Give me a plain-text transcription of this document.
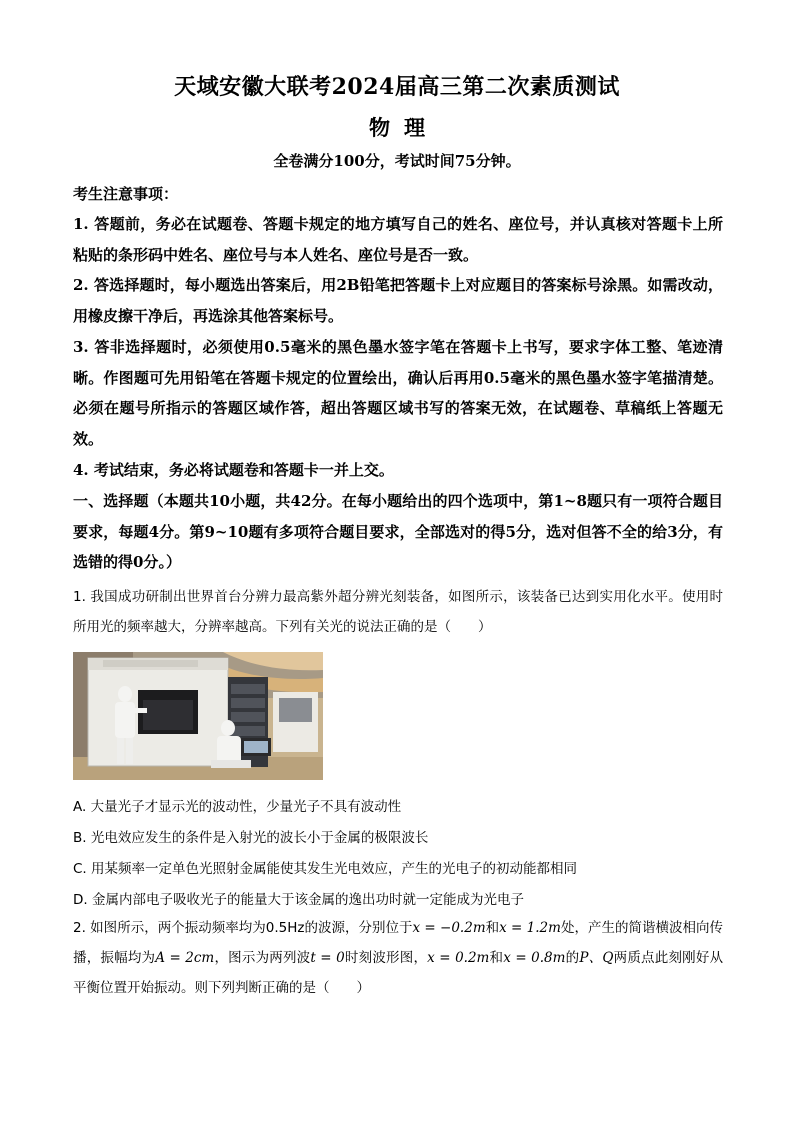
天域安徽大联考2024届高三第二次素质测试
物理
全卷满分100分，考试时间75分钟。
考生注意事项：

1. 答题前，务必在试题卷、答题卡规定的地方填写自己的姓名、座位号，并认真核对答题卡上所粘贴的条形码中姓名、座位号与本人姓名、座位号是否一致。

2. 答选择题时，每小题选出答案后，用2B铅笔把答题卡上对应题目的答案标号涂黑。如需改动，用橡皮擦干净后，再选涂其他答案标号。

3. 答非选择题时，必须使用0.5毫米的黑色墨水签字笔在答题卡上书写，要求字体工整、笔迹清晰。作图题可先用铅笔在答题卡规定的位置绘出，确认后再用0.5毫米的黑色墨水签字笔描清楚。必须在题号所指示的答题区域作答，超出答题区域书写的答案无效，在试题卷、草稿纸上答题无效。

4. 考试结束，务必将试题卷和答题卡一并上交。

一、选择题（本题共10小题，共42分。在每小题给出的四个选项中，第1~8题只有一项符合题目要求，每题4分。第9~10题有多项符合题目要求，全部选对的得5分，选对但答不全的给3分，有选错的得0分。）

1. 我国成功研制出世界首台分辨力最高紫外超分辨光刻装备，如图所示，该装备已达到实用化水平。使用时所用光的频率越大，分辨率越高。下列有关光的说法正确的是（　　）

A. 大量光子才显示光的波动性，少量光子不具有波动性
B. 光电效应发生的条件是入射光的波长小于金属的极限波长
C. 用某频率一定单色光照射金属能使其发生光电效应，产生的光电子的初动能都相同
D. 金属内部电子吸收光子的能量大于该金属的逸出功时就一定能成为光电子

2. 如图所示，两个振动频率均为0.5Hz的波源，分别位于x = −0.2m和x = 1.2m处，产生的简谐横波相向传播，振幅均为A = 2cm，图示为两列波t = 0时刻波形图，x = 0.2m和x = 0.8m的P、Q两质点此刻刚好从平衡位置开始振动。则下列判断正确的是（　　）
